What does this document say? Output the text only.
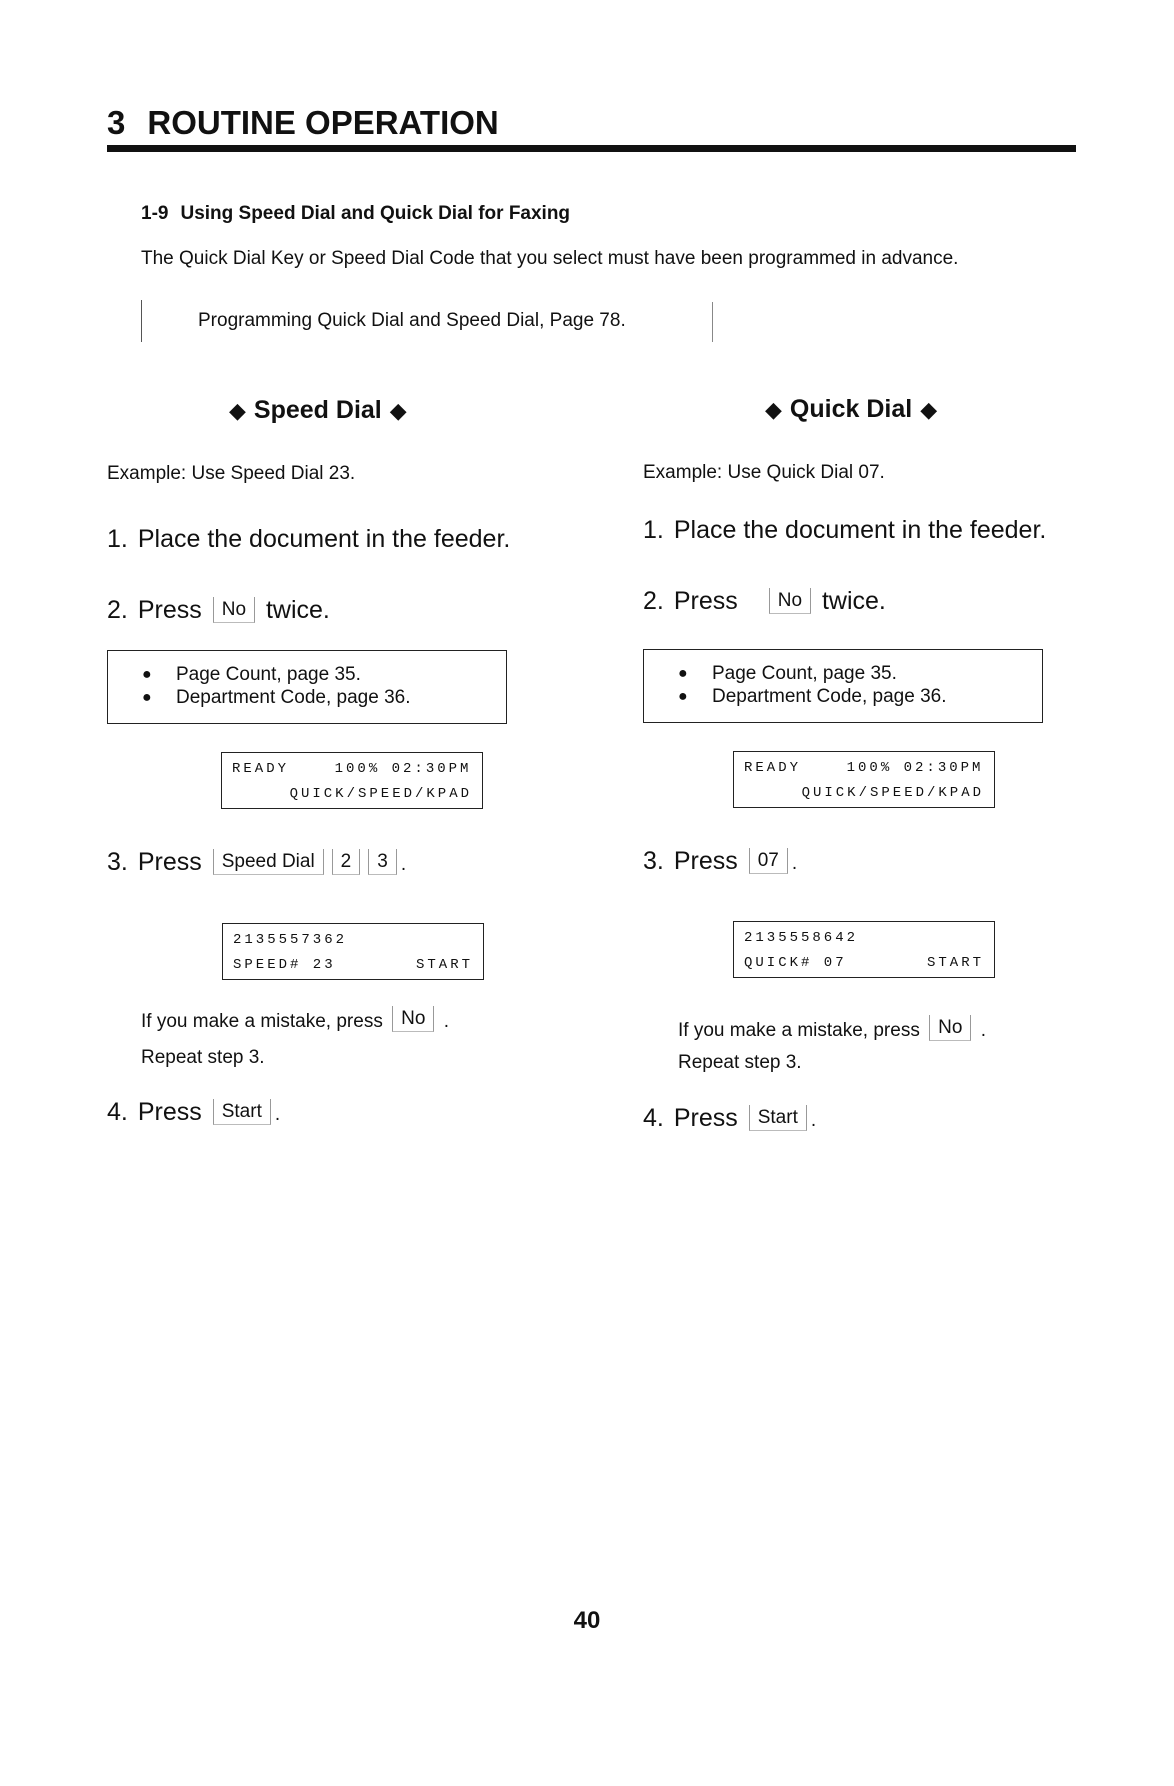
3 ROUTINE OPERATION
1-9 Using Speed Dial and Quick Dial for Faxing
The Quick Dial Key or Speed Dial Code that you select must have been programmed in advance.
Programming Quick Dial and Speed Dial, Page 78.
◆ Speed Dial ◆
Example: Use Speed Dial 23.
1. Place the document in the feeder.
2. Press No twice.
● Page Count, page 35.
● Department Code, page 36.
READY    100% 02:30PM
QUICK/SPEED/KPAD
3. Press Speed Dial 2 3 .
2135557362
SPEED# 23	START
If you make a mistake, press No .
Repeat step 3.
4. Press Start .
◆ Quick Dial ◆
Example: Use Quick Dial 07.
1. Place the document in the feeder.
2. Press No twice.
● Page Count, page 35.
● Department Code, page 36.
READY    100% 02:30PM
QUICK/SPEED/KPAD
3. Press 07 .
2135558642
QUICK# 07	START
If you make a mistake, press No .
Repeat step 3.
4. Press Start .
40
